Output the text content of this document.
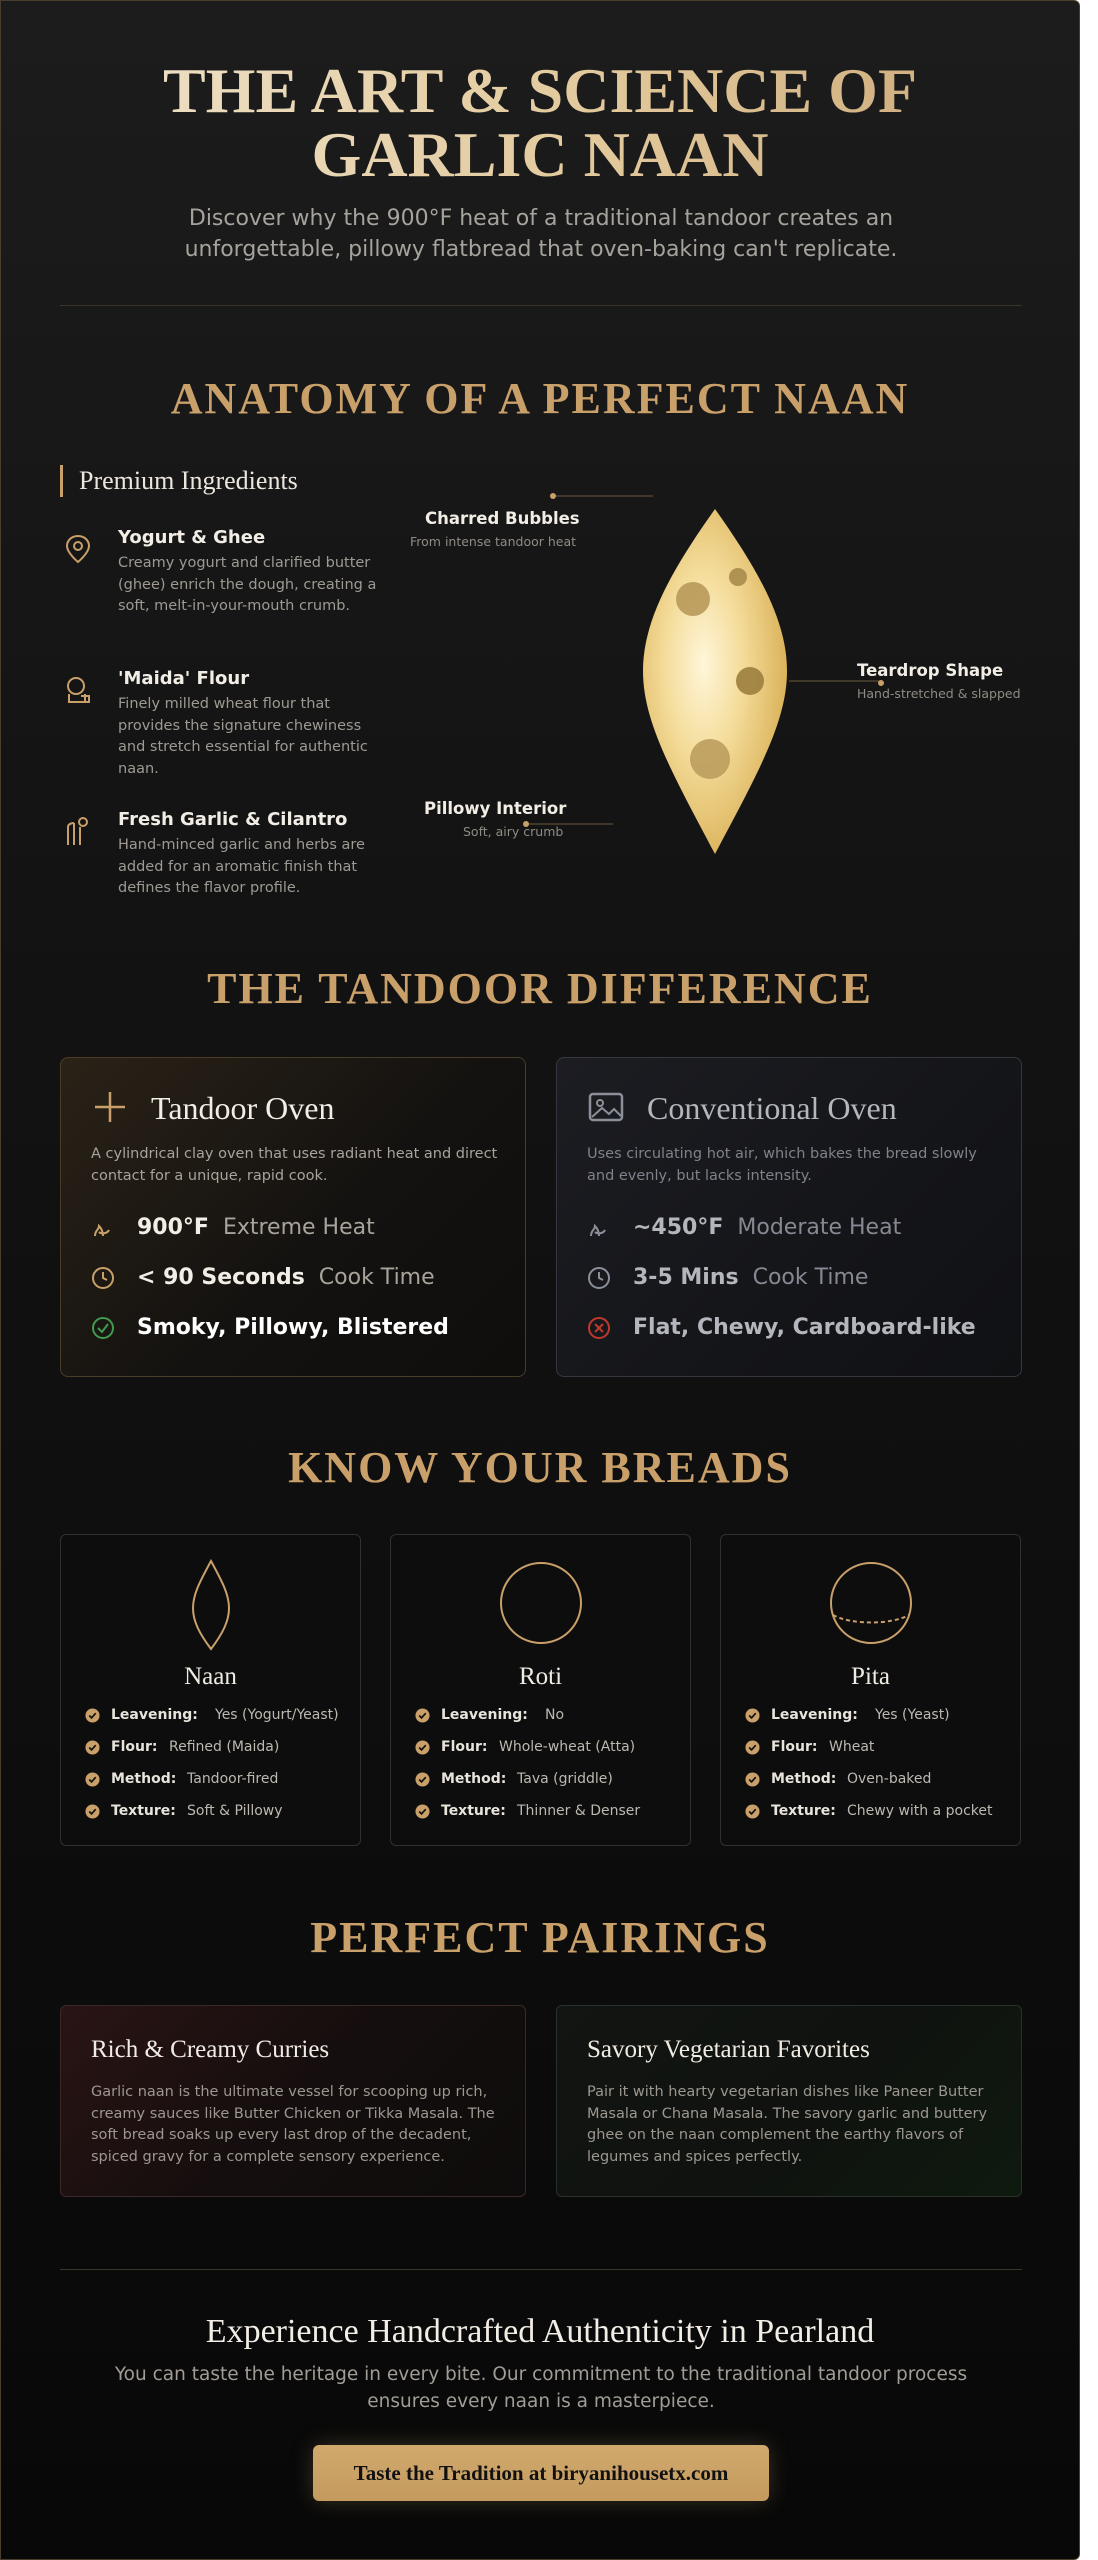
THE ART & SCIENCE OF
GARLIC NAAN

Discover why the 900°F heat of a traditional tandoor creates an unforgettable, pillowy flatbread that oven-baking can't replicate.

ANATOMY OF A PERFECT NAAN
Premium Ingredients
Yogurt & Ghee
Creamy yogurt and clarified butter (ghee) enrich the dough, creating a soft, melt-in-your-mouth crumb.
'Maida' Flour
Finely milled wheat flour that provides the signature chewiness and stretch essential for authentic naan.
Fresh Garlic & Cilantro
Hand-minced garlic and herbs are added for an aromatic finish that defines the flavor profile.
Charred Bubbles
From intense tandoor heat
Teardrop Shape
Hand-stretched & slapped
Pillowy Interior
Soft, airy crumb
THE TANDOOR DIFFERENCE
Tandoor Oven
A cylindrical clay oven that uses radiant heat and direct contact for a unique, rapid cook.
900°F Extreme Heat
< 90 Seconds Cook Time
Smoky, Pillowy, Blistered
Conventional Oven
Uses circulating hot air, which bakes the bread slowly and evenly, but lacks intensity.
~450°F Moderate Heat
3-5 Mins Cook Time
Flat, Chewy, Cardboard-like
KNOW YOUR BREADS
Naan
Leavening: Yes (Yogurt/Yeast)
Flour: Refined (Maida)
Method: Tandoor-fired
Texture: Soft & Pillowy
Roti
Leavening: No
Flour: Whole-wheat (Atta)
Method: Tava (griddle)
Texture: Thinner & Denser
Pita
Leavening: Yes (Yeast)
Flour: Wheat
Method: Oven-baked
Texture: Chewy with a pocket
PERFECT PAIRINGS
Rich & Creamy Curries
Garlic naan is the ultimate vessel for scooping up rich, creamy sauces like Butter Chicken or Tikka Masala. The soft bread soaks up every last drop of the decadent, spiced gravy for a complete sensory experience.
Savory Vegetarian Favorites
Pair it with hearty vegetarian dishes like Paneer Butter Masala or Chana Masala. The savory garlic and buttery ghee on the naan complement the earthy flavors of legumes and spices perfectly.
Experience Handcrafted Authenticity in Pearland
You can taste the heritage in every bite. Our commitment to the traditional tandoor process ensures every naan is a masterpiece.
Taste the Tradition at biryanihousetx.com
